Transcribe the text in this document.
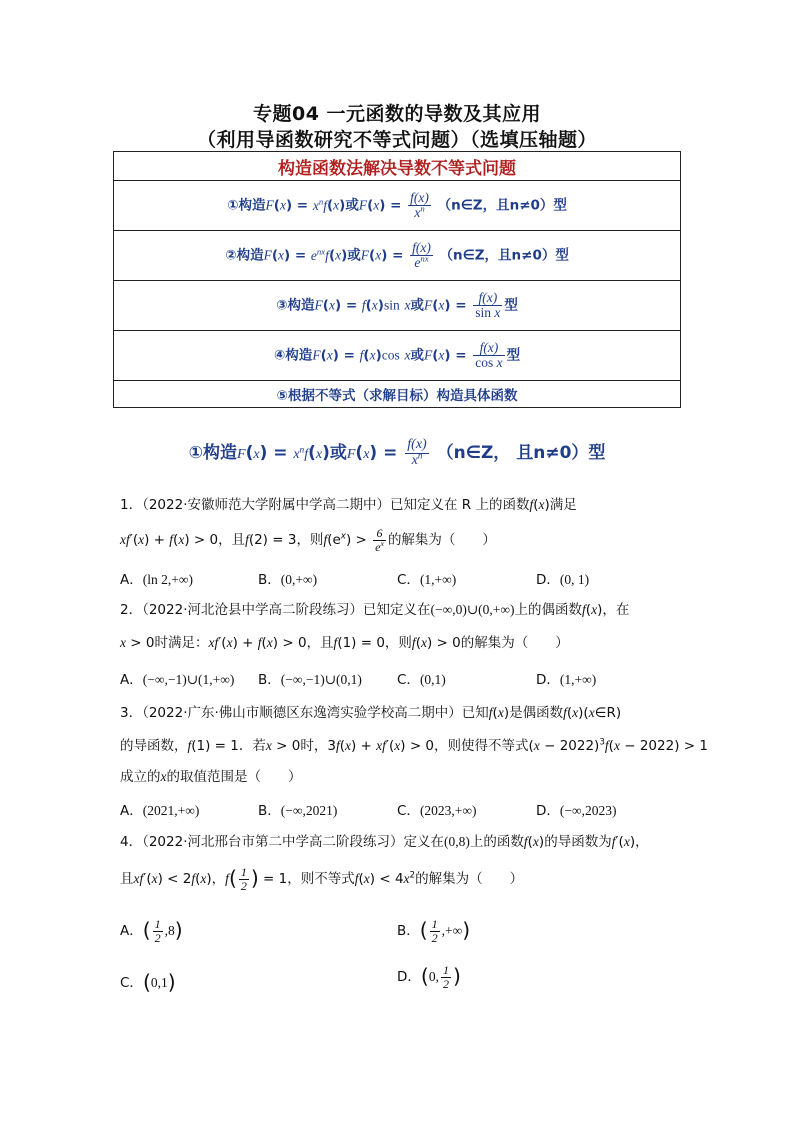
专题04 一元函数的导数及其应用
（利用导函数研究不等式问题）（选填压轴题）
构造函数法解决导数不等式问题
①构造$F(x) = x^nf(x)$或$F(x) = \frac{f(x)}{x^n}$ （n∈Z，且n≠0）型
②构造$F(x) = e^{nx}f(x)$或$F(x) = \frac{f(x)}{e^{nx}}$ （n∈Z，且n≠0）型
③构造F(x) = f(x)sin x或$F(x) = \frac{f(x)}{\text{sin x}}$ 型
④构造F(x) = f(x)cos x或$F(x) = \frac{f(x)}{\text{cos x}}$ 型
⑤根据不等式（求解目标）构造具体函数
①构造$F(x) = x^nf(x)$或$F(x) = \frac{f(x)}{x^n}$ （n∈Z， 且n≠0）型
1．（2022·安徽师范大学附属中学高二期中）已知定义在 R 上的函数f(x)满足
xf′(x) + f(x) > 0，且f(2) = 3，则$f(e^x) > \frac{6}{e^x}$ 的解集为（　　）
A．(ln 2,+∞)	B．(0,+∞)	C．(1,+∞)	D．(0, 1)
2．（2022·河北沧县中学高二阶段练习）已知定义在(−∞,0)∪(0,+∞)上的偶函数f(x)，在
x > 0时满足：xf′(x) + f(x) > 0，且f(1) = 0，则f(x) > 0的解集为（　　）
A．(−∞,−1)∪(1,+∞) B．(−∞,−1)∪(0,1)	C．(0,1)	D．(1,+∞)
3．（2022·广东·佛山市顺德区东逸湾实验学校高二期中）已知f(x)是偶函数f(x)(x∈R)
的导函数，f(1) = 1．若x > 0时，3f(x) + xf′(x) > 0，则使得不等式$(x - 2022)^3f(x - 2022) > 1$
成立的x的取值范围是（　　）
A．(2021,+∞)	B．(−∞,2021)	C．(2023,+∞)	D．(−∞,2023)
4．（2022·河北邢台市第二中学高二阶段练习）定义在(0,8)上的函数f(x)的导函数为f′(x)，
且xf′(x) < 2f(x)，$f( \frac{1}{2}$ ) = 1，则不等式$f(x) < 4x^2$的解集为（　　）
A．( $\frac{1}{2} ,8$)	B．( $\frac{1}{2}$ ,+∞)
C．(0,1)	D．(0, $\frac{1}{2}$ )
